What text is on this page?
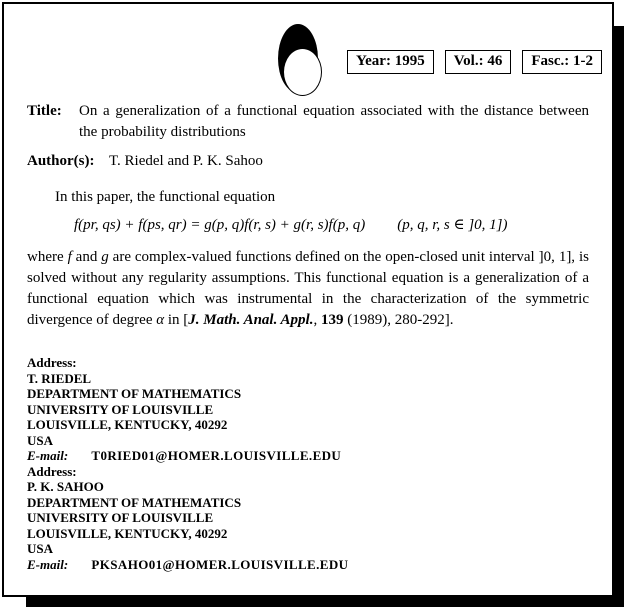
Year: 1995	Vol.: 46	Fasc.: 1-2
Title: On a generalization of a functional equation associated with the distance between the probability distributions
Author(s): T. Riedel and P. K. Sahoo
In this paper, the functional equation
f(pr, qs) + f(ps, qr) = g(p, q)f(r, s) + g(r, s)f(p, q) (p, q, r, s ∈ ]0, 1])
where f and g are complex-valued functions defined on the open-closed unit interval ]0, 1], is solved without any regularity assumptions. This functional equation is a generalization of a functional equation which was instrumental in the characterization of the symmetric divergence of degree α in [J. Math. Anal. Appl., 139 (1989), 280-292].
Address:
T. RIEDEL
DEPARTMENT OF MATHEMATICS
UNIVERSITY OF LOUISVILLE
LOUISVILLE, KENTUCKY, 40292
USA
E-mail: T0RIED01@HOMER.LOUISVILLE.EDU
Address:
P. K. SAHOO
DEPARTMENT OF MATHEMATICS
UNIVERSITY OF LOUISVILLE
LOUISVILLE, KENTUCKY, 40292
USA
E-mail: PKSAHO01@HOMER.LOUISVILLE.EDU
